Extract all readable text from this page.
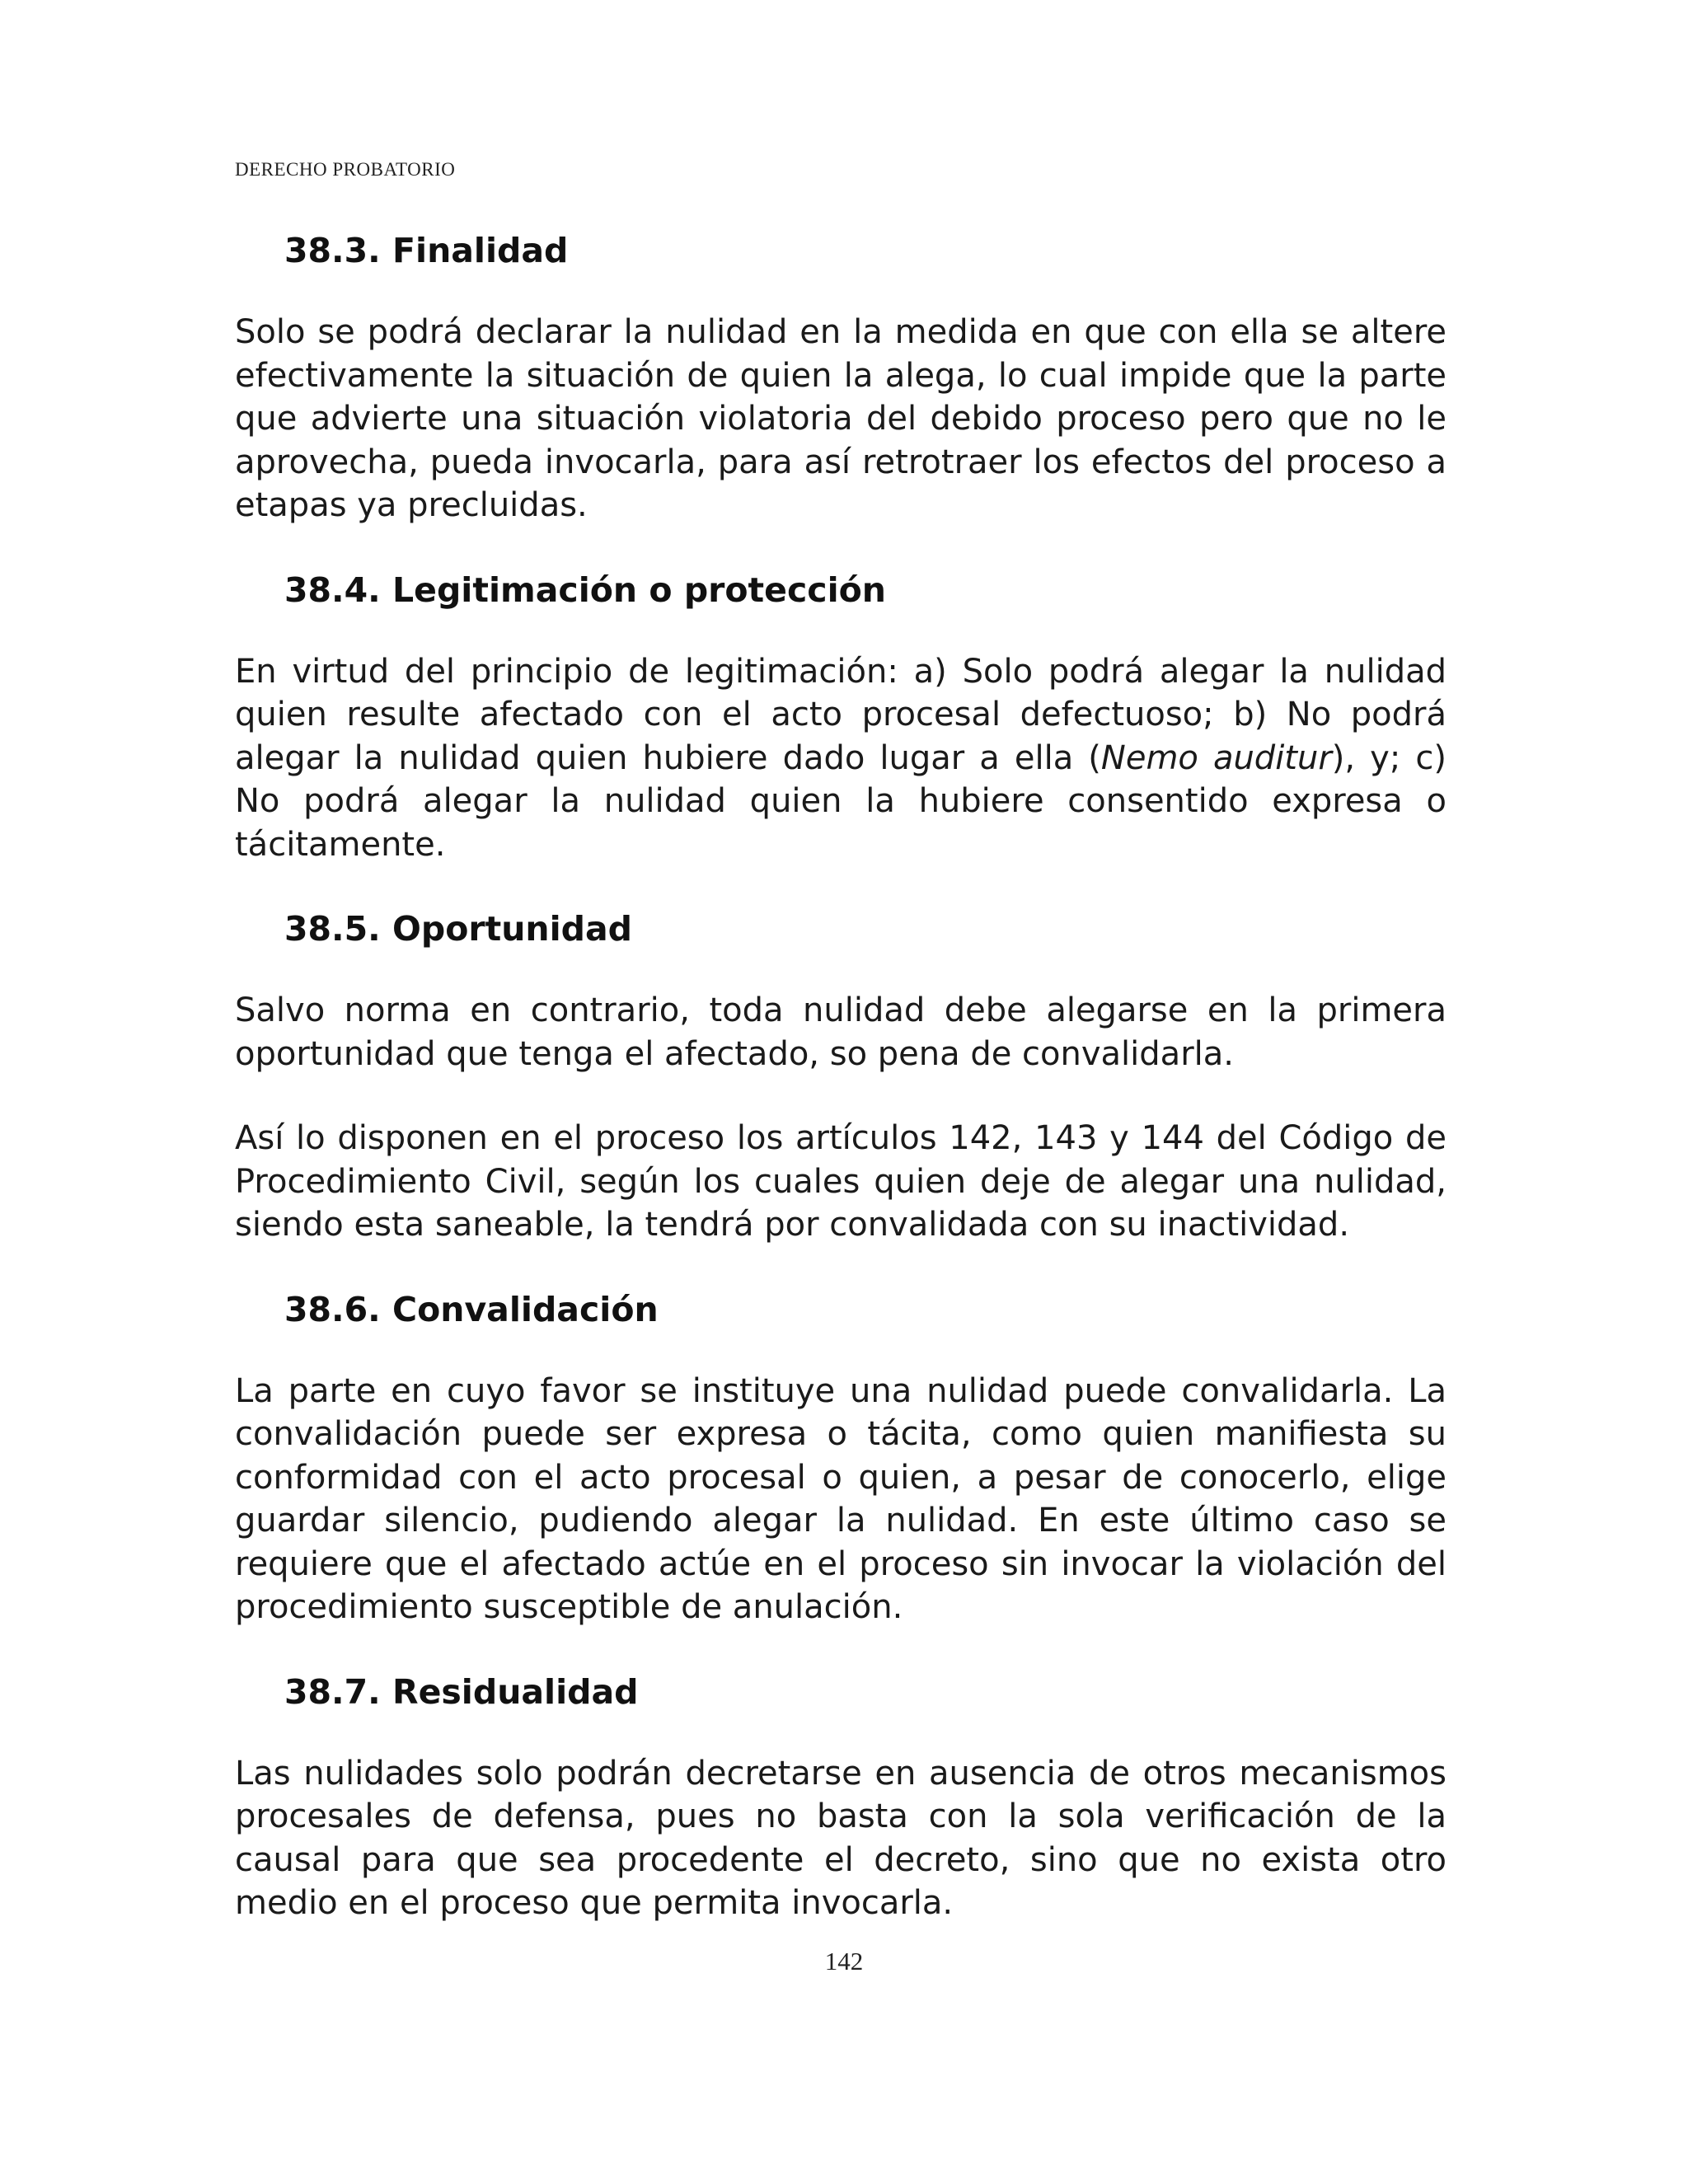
DERECHO PROBATORIO
38.3. Finalidad

Solo se podrá declarar la nulidad en la medida en que con ella se altere efectivamente la situación de quien la alega, lo cual impide que la parte que advierte una situación violatoria del debido proceso pero que no le aprovecha, pueda invocarla, para así retrotraer los efectos del proceso a etapas ya precluidas.

38.4. Legitimación o protección

En virtud del principio de legitimación: a) Solo podrá alegar la nulidad quien resulte afectado con el acto procesal defectuoso; b) No podrá alegar la nulidad quien hubiere dado lugar a ella (Nemo auditur), y; c) No podrá alegar la nulidad quien la hubiere consentido expresa o tácitamente.

38.5. Oportunidad

Salvo norma en contrario, toda nulidad debe alegarse en la primera oportunidad que tenga el afectado, so pena de convalidarla.

Así lo disponen en el proceso los artículos 142, 143 y 144 del Código de Procedimiento Civil, según los cuales quien deje de alegar una nulidad, siendo esta saneable, la tendrá por convalidada con su inactividad.

38.6. Convalidación

La parte en cuyo favor se instituye una nulidad puede convalidarla. La convalidación puede ser expresa o tácita, como quien manifiesta su conformidad con el acto procesal o quien, a pesar de conocerlo, elige guardar silencio, pudiendo alegar la nulidad. En este último caso se requiere que el afectado actúe en el proceso sin invocar la violación del procedimiento susceptible de anulación.

38.7. Residualidad

Las nulidades solo podrán decretarse en ausencia de otros mecanismos procesales de defensa, pues no basta con la sola verificación de la causal para que sea procedente el decreto, sino que no exista otro medio en el proceso que permita invocarla.

142
